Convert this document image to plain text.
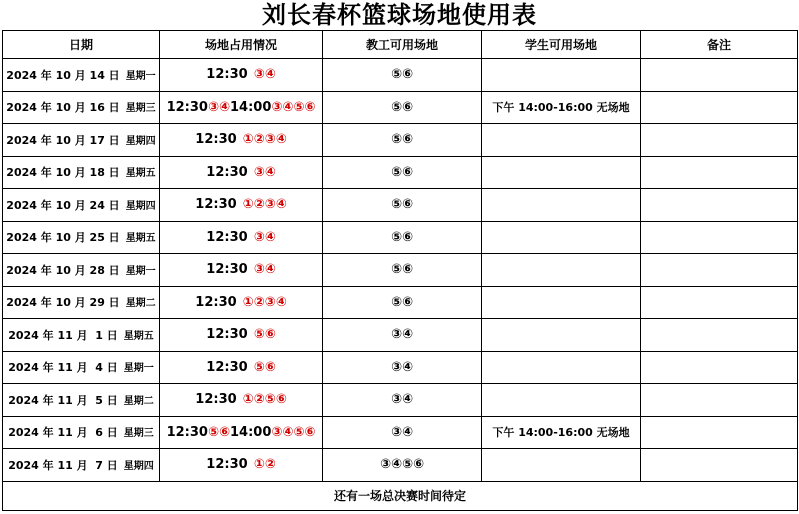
刘长春杯篮球场地使用表
日期	场地占用情况	教工可用场地	学生可用场地	备注
2024 年 10 月 14 日 星期一	12:30 ③④	⑤⑥		
2024 年 10 月 16 日 星期三	12:30③④14:00③④⑤⑥	⑤⑥	下午 14:00-16:00 无场地	
2024 年 10 月 17 日 星期四	12:30 ①②③④	⑤⑥		
2024 年 10 月 18 日 星期五	12:30 ③④	⑤⑥		
2024 年 10 月 24 日 星期四	12:30 ①②③④	⑤⑥		
2024 年 10 月 25 日 星期五	12:30 ③④	⑤⑥		
2024 年 10 月 28 日 星期一	12:30 ③④	⑤⑥		
2024 年 10 月 29 日 星期二	12:30 ①②③④	⑤⑥		
2024 年 11 月  1 日 星期五	12:30 ⑤⑥	③④		
2024 年 11 月  4 日 星期一	12:30 ⑤⑥	③④		
2024 年 11 月  5 日 星期二	12:30 ①②⑤⑥	③④		
2024 年 11 月  6 日 星期三	12:30⑤⑥14:00③④⑤⑥	③④	下午 14:00-16:00 无场地	
2024 年 11 月  7 日 星期四	12:30 ①②	③④⑤⑥		
还有一场总决赛时间待定				
